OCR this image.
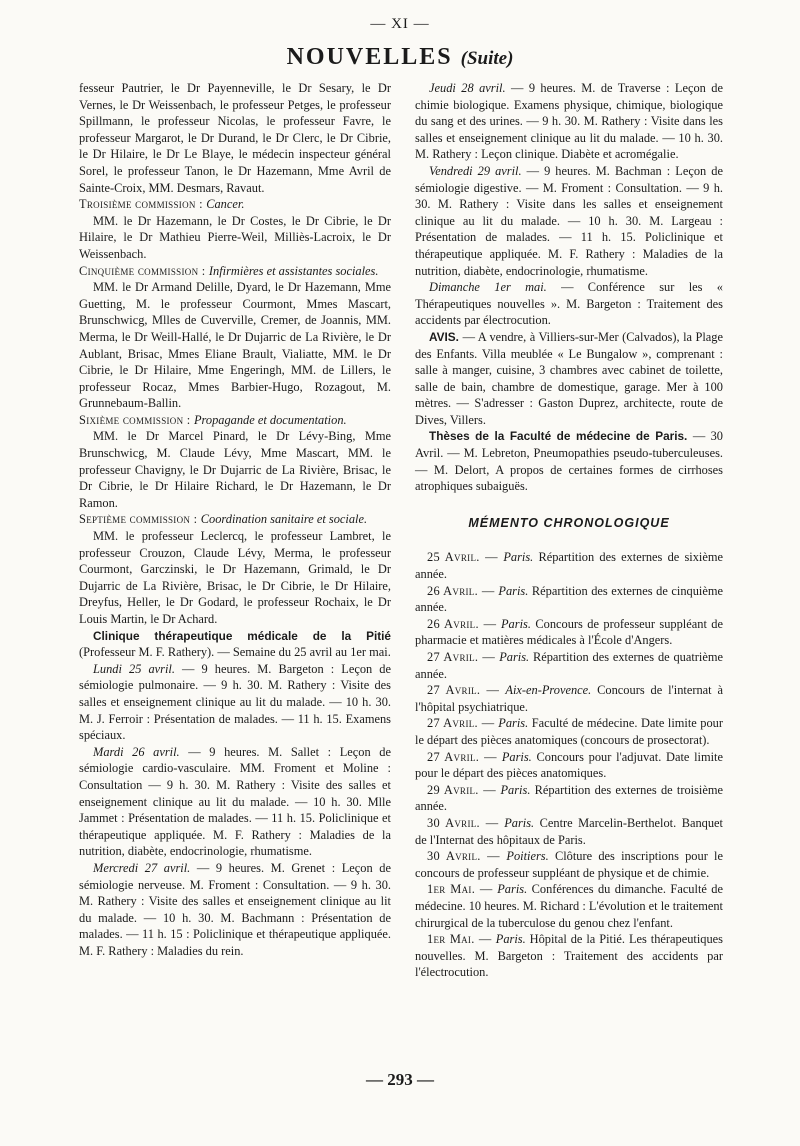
— XI —
NOUVELLES (Suite)

fesseur Pautrier, le Dr Payenneville, le Dr Sesary, le Dr Vernes, le Dr Weissenbach, le professeur Petges, le professeur Spillmann, le professeur Nicolas, le professeur Favre, le professeur Margarot, le Dr Durand, le Dr Clerc, le Dr Cibrie, le Dr Hilaire, le Dr Le Blaye, le médecin inspecteur général Sorel, le professeur Tanon, le Dr Hazemann, Mme Avril de Sainte-Croix, MM. Desmars, Ravaut.

Troisième commission : Cancer.

MM. le Dr Hazemann, le Dr Costes, le Dr Cibrie, le Dr Hilaire, le Dr Mathieu Pierre-Weil, Milliès-Lacroix, le Dr Weissenbach.

Cinquième commission : Infirmières et assistantes sociales.

MM. le Dr Armand Delille, Dyard, le Dr Hazemann, Mme Guetting, M. le professeur Courmont, Mmes Mascart, Brunschwicg, Mlles de Cuverville, Cremer, de Joannis, MM. Merma, le Dr Weill-Hallé, le Dr Dujarric de La Rivière, le Dr Aublant, Brisac, Mmes Eliane Brault, Vialiatte, MM. le Dr Cibrie, le Dr Hilaire, Mme Engeringh, MM. de Lillers, le professeur Rocaz, Mmes Barbier-Hugo, Rozagout, M. Grunnebaum-Ballin.

Sixième commission : Propagande et documentation.

MM. le Dr Marcel Pinard, le Dr Lévy-Bing, Mme Brunschwicg, M. Claude Lévy, Mme Mascart, MM. le professeur Chavigny, le Dr Dujarric de La Rivière, Brisac, le Dr Cibrie, le Dr Hilaire Richard, le Dr Hazemann, le Dr Ramon.

Septième commission : Coordination sanitaire et sociale.

MM. le professeur Leclercq, le professeur Lambret, le professeur Crouzon, Claude Lévy, Merma, le professeur Courmont, Garczinski, le Dr Hazemann, Grimald, le Dr Dujarric de La Rivière, Brisac, le Dr Cibrie, le Dr Hilaire, Dreyfus, Heller, le Dr Godard, le professeur Rochaix, le Dr Louis Martin, le Dr Achard.

Clinique thérapeutique médicale de la Pitié (Professeur M. F. Rathery). — Semaine du 25 avril au 1er mai.

Lundi 25 avril. — 9 heures. M. Bargeton : Leçon de sémiologie pulmonaire. — 9 h. 30. M. Rathery : Visite des salles et enseignement clinique au lit du malade. — 10 h. 30. M. J. Ferroir : Présentation de malades. — 11 h. 15. Examens spéciaux.

Mardi 26 avril. — 9 heures. M. Sallet : Leçon de sémiologie cardio-vasculaire. MM. Froment et Moline : Consultation — 9 h. 30. M. Rathery : Visite des salles et enseignement clinique au lit du malade. — 10 h. 30. Mlle Jammet : Présentation de malades. — 11 h. 15. Policlinique et thérapeutique appliquée. M. F. Rathery : Maladies de la nutrition, diabète, endocrinologie, rhumatisme.

Mercredi 27 avril. — 9 heures. M. Grenet : Leçon de sémiologie nerveuse. M. Froment : Consultation. — 9 h. 30. M. Rathery : Visite des salles et enseignement clinique au lit du malade. — 10 h. 30. M. Bachmann : Présentation de malades. — 11 h. 15 : Policlinique et thérapeutique appliquée. M. F. Rathery : Maladies du rein.

Jeudi 28 avril. — 9 heures. M. de Traverse : Leçon de chimie biologique. Examens physique, chimique, biologique du sang et des urines. — 9 h. 30. M. Rathery : Visite dans les salles et enseignement clinique au lit du malade. — 10 h. 30. M. Rathery : Leçon clinique. Diabète et acromégalie.

Vendredi 29 avril. — 9 heures. M. Bachman : Leçon de sémiologie digestive. — M. Froment : Consultation. — 9 h. 30. M. Rathery : Visite dans les salles et enseignement clinique au lit du malade. — 10 h. 30. M. Largeau : Présentation de malades. — 11 h. 15. Policlinique et thérapeutique appliquée. M. F. Rathery : Maladies de la nutrition, diabète, endocrinologie, rhumatisme.

Dimanche 1er mai. — Conférence sur les « Thérapeutiques nouvelles ». M. Bargeton : Traitement des accidents par électrocution.

AVIS. — A vendre, à Villiers-sur-Mer (Calvados), la Plage des Enfants. Villa meublée « Le Bungalow », comprenant : salle à manger, cuisine, 3 chambres avec cabinet de toilette, salle de bain, chambre de domestique, garage. Mer à 100 mètres. — S'adresser : Gaston Duprez, architecte, route de Dives, Villers.

Thèses de la Faculté de médecine de Paris. — 30 Avril. — M. Lebreton, Pneumopathies pseudo-tuberculeuses. — M. Delort, A propos de certaines formes de cirrhoses atrophiques subaiguës.

MÉMENTO CHRONOLOGIQUE

25 Avril. — Paris. Répartition des externes de sixième année.

26 Avril. — Paris. Répartition des externes de cinquième année.

26 Avril. — Paris. Concours de professeur suppléant de pharmacie et matières médicales à l'École d'Angers.

27 Avril. — Paris. Répartition des externes de quatrième année.

27 Avril. — Aix-en-Provence. Concours de l'internat à l'hôpital psychiatrique.

27 Avril. — Paris. Faculté de médecine. Date limite pour le départ des pièces anatomiques (concours de prosectorat).

27 Avril. — Paris. Concours pour l'adjuvat. Date limite pour le départ des pièces anatomiques.

29 Avril. — Paris. Répartition des externes de troisième année.

30 Avril. — Paris. Centre Marcelin-Berthelot. Banquet de l'Internat des hôpitaux de Paris.

30 Avril. — Poitiers. Clôture des inscriptions pour le concours de professeur suppléant de physique et de chimie.

1er Mai. — Paris. Conférences du dimanche. Faculté de médecine. 10 heures. M. Richard : L'évolution et le traitement chirurgical de la tuberculose du genou chez l'enfant.

1er Mai. — Paris. Hôpital de la Pitié. Les thérapeutiques nouvelles. M. Bargeton : Traitement des accidents par l'électrocution.

— 293 —
